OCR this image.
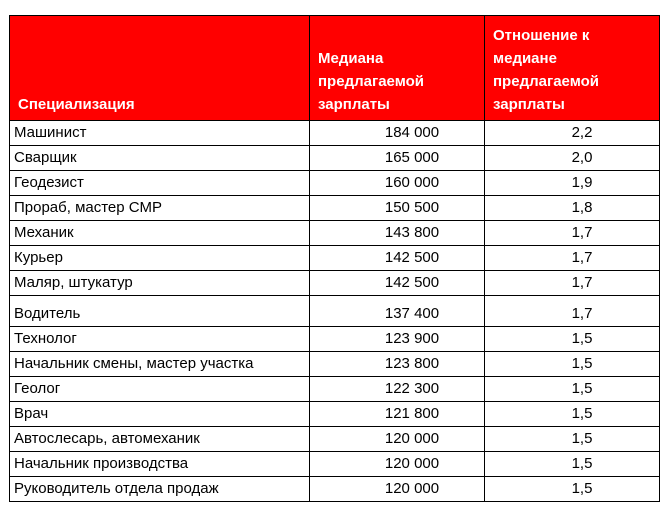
Специализация	Медиана предлагаемой зарплаты	Отношение к медиане предлагаемой зарплаты
Машинист	184 000	2,2
Сварщик	165 000	2,0
Геодезист	160 000	1,9
Прораб, мастер СМР	150 500	1,8
Механик	143 800	1,7
Курьер	142 500	1,7
Маляр, штукатур	142 500	1,7
Водитель	137 400	1,7
Технолог	123 900	1,5
Начальник смены, мастер участка	123 800	1,5
Геолог	122 300	1,5
Врач	121 800	1,5
Автослесарь, автомеханик	120 000	1,5
Начальник производства	120 000	1,5
Руководитель отдела продаж	120 000	1,5
